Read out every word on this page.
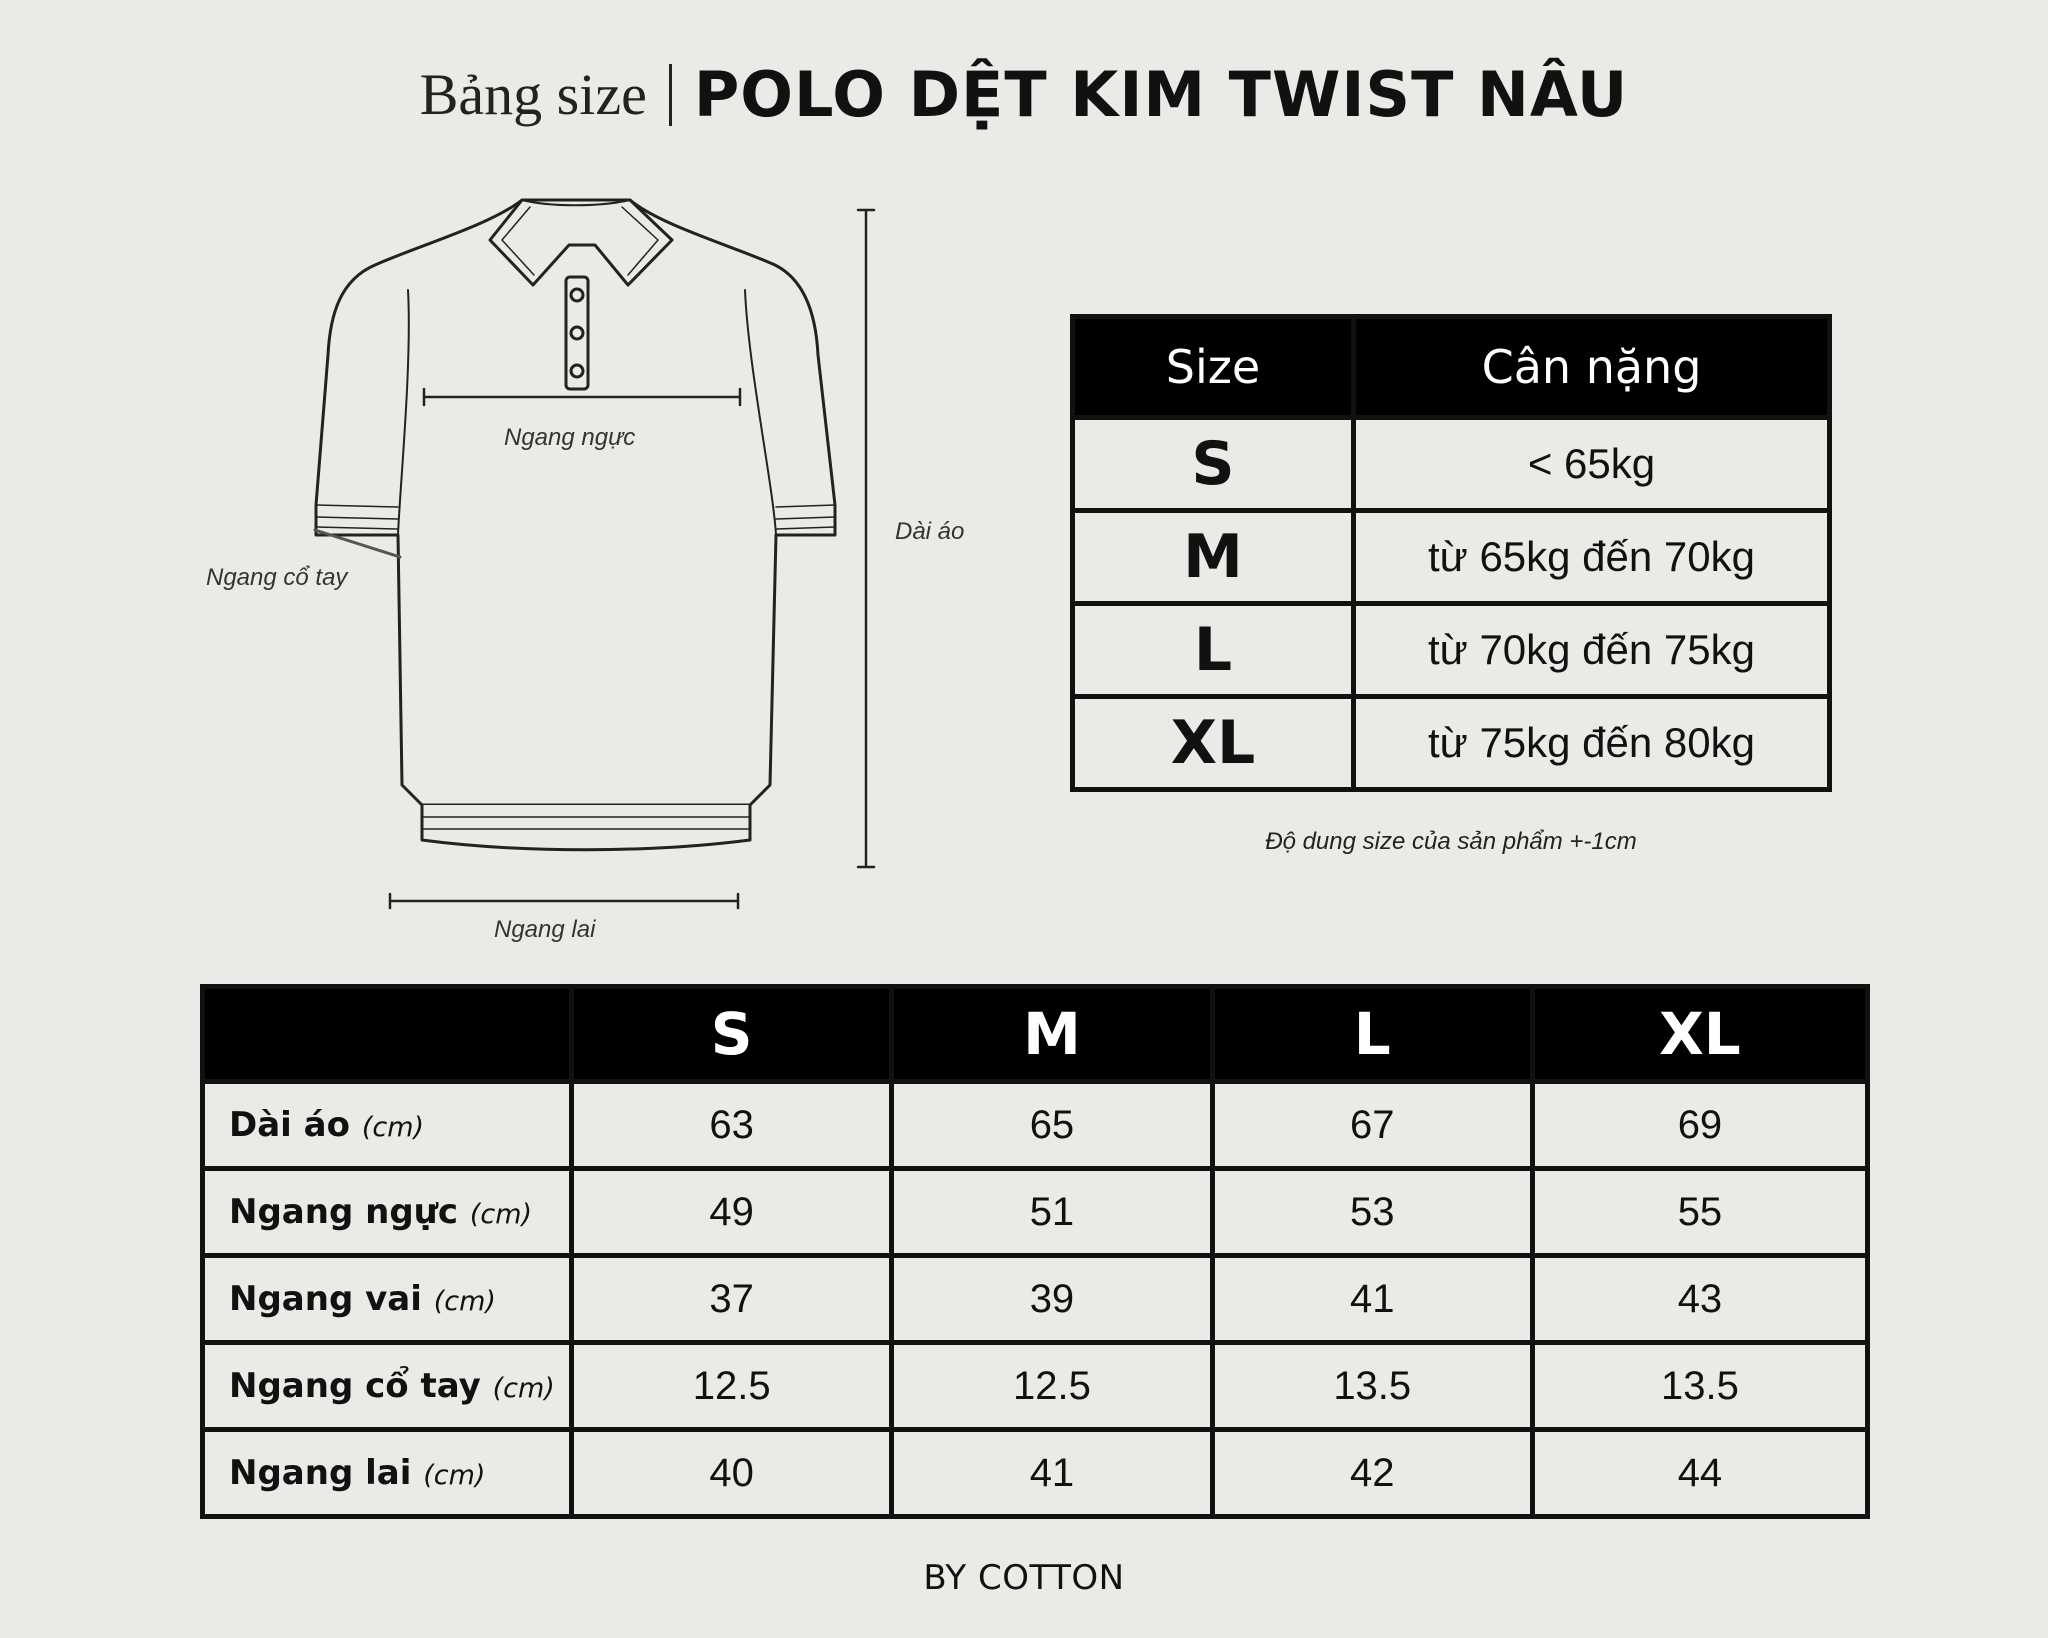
Bảng size POLO DỆT KIM TWIST NÂU
Ngang ngực
Ngang cổ tay
Dài áo
Ngang lai
Size	Cân nặng
S	< 65kg
M	từ 65kg đến 70kg
L	từ 70kg đến 75kg
XL	từ 75kg đến 80kg
Độ dung size của sản phẩm +-1cm
	S	M	L	XL
Dài áo (cm)	63	65	67	69
Ngang ngực (cm)	49	51	53	55
Ngang vai (cm)	37	39	41	43
Ngang cổ tay (cm)	12.5	12.5	13.5	13.5
Ngang lai (cm)	40	41	42	44
BY COTTON
